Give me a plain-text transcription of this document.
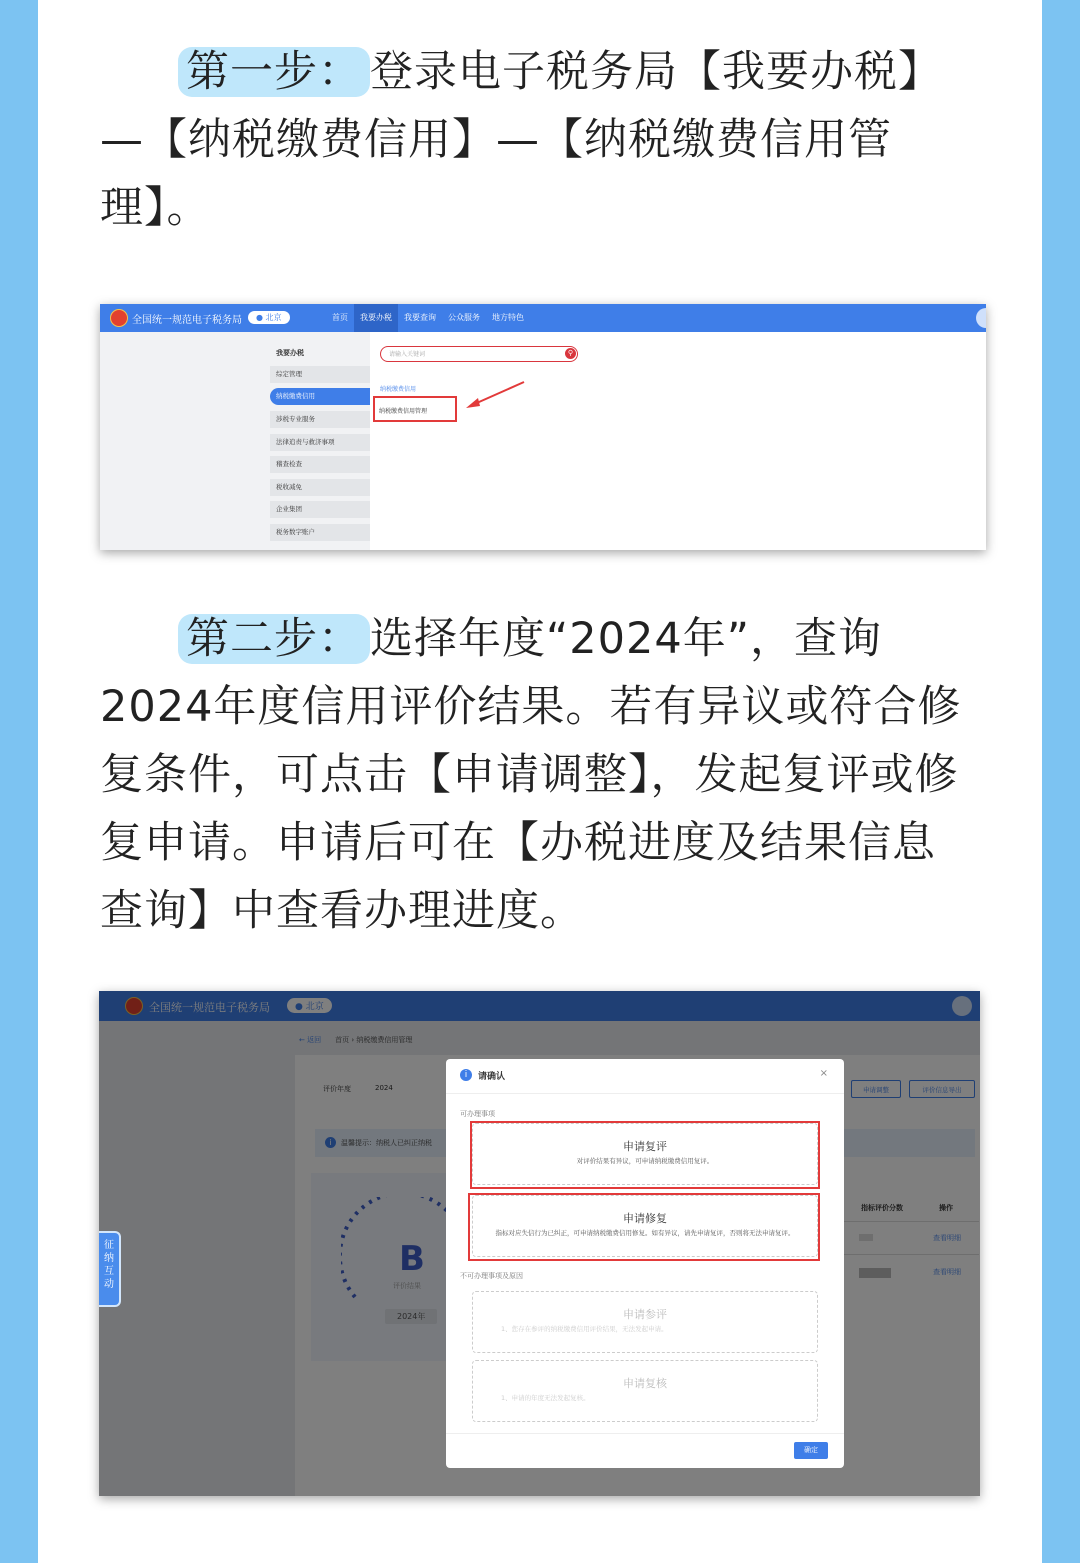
第一步： 登录电子税务局【我要办税】—【纳税缴费信用】—【纳税缴费信用管理】。
全国统一规范电子税务局	● 北京	首页	我要办税	我要查询	公众服务	地方特色
我要办税
综定管理
纳税缴费信用
涉税专业服务
法律追责与救济事项
稽查检查
税收减免
企业集团
税务数字账户
请输入关键词	⚲
纳税缴费信用
纳税缴费信用管理
第二步： 选择年度“2024年”，查询2024年度信用评价结果。若有异议或符合修复条件，可点击【申请调整】，发起复评或修复申请。申请后可在【办税进度及结果信息查询】中查看办理进度。
征纳互动
i	请确认	×
可办理事项
申请复评
对评价结果有异议，可申请纳税缴费信用复评。
申请修复
指标对应失信行为已纠正，可申请纳税缴费信用修复。如有异议，请先申请复评，否则将无法申请复评。
不可办理事项及原因
申请参评
1、您存在参评的纳税缴费信用评价结果，无法发起申请。
申请复核
1、申请的年度无法发起复核。
确定
